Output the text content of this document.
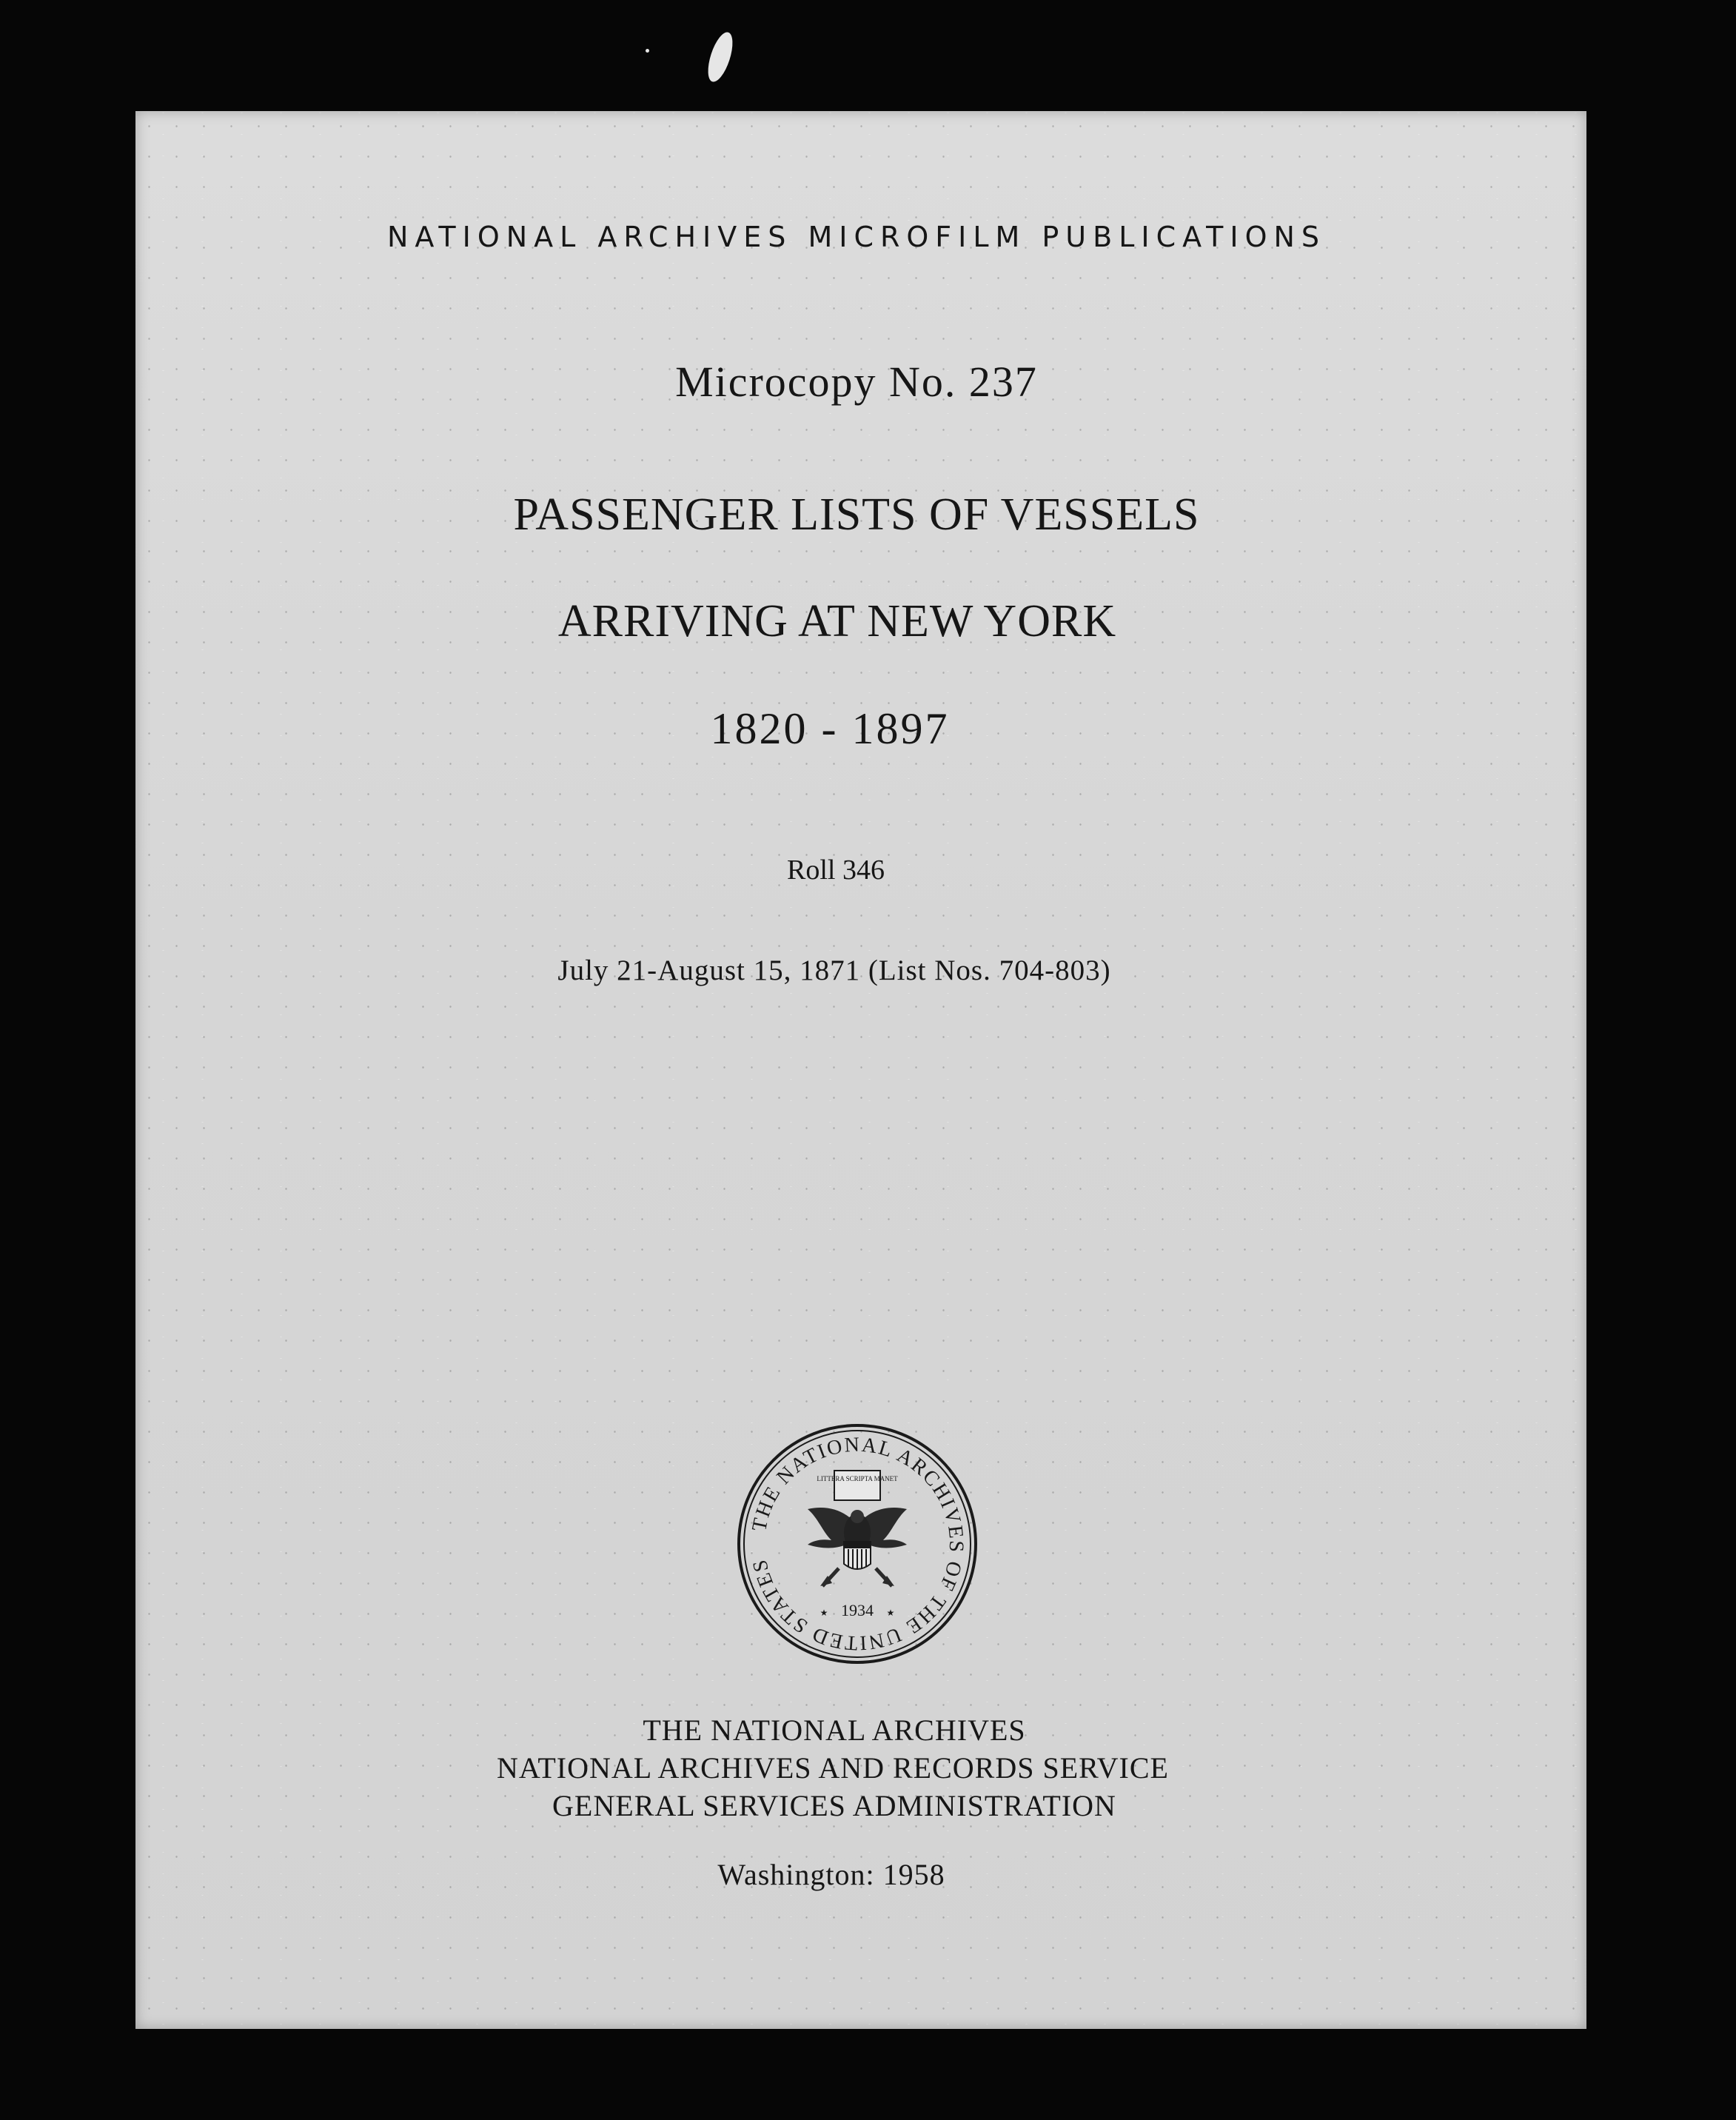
NATIONAL ARCHIVES MICROFILM PUBLICATIONS
Microcopy No. 237
PASSENGER LISTS OF VESSELS
ARRIVING AT NEW YORK
1820 - 1897
Roll 346
July 21-August 15, 1871 (List Nos. 704-803)
THE NATIONAL ARCHIVES OF THE UNITED STATES
LITTERA SCRIPTA MANET
1934
★	★
THE NATIONAL ARCHIVES
NATIONAL ARCHIVES AND RECORDS SERVICE
GENERAL SERVICES ADMINISTRATION
Washington: 1958
